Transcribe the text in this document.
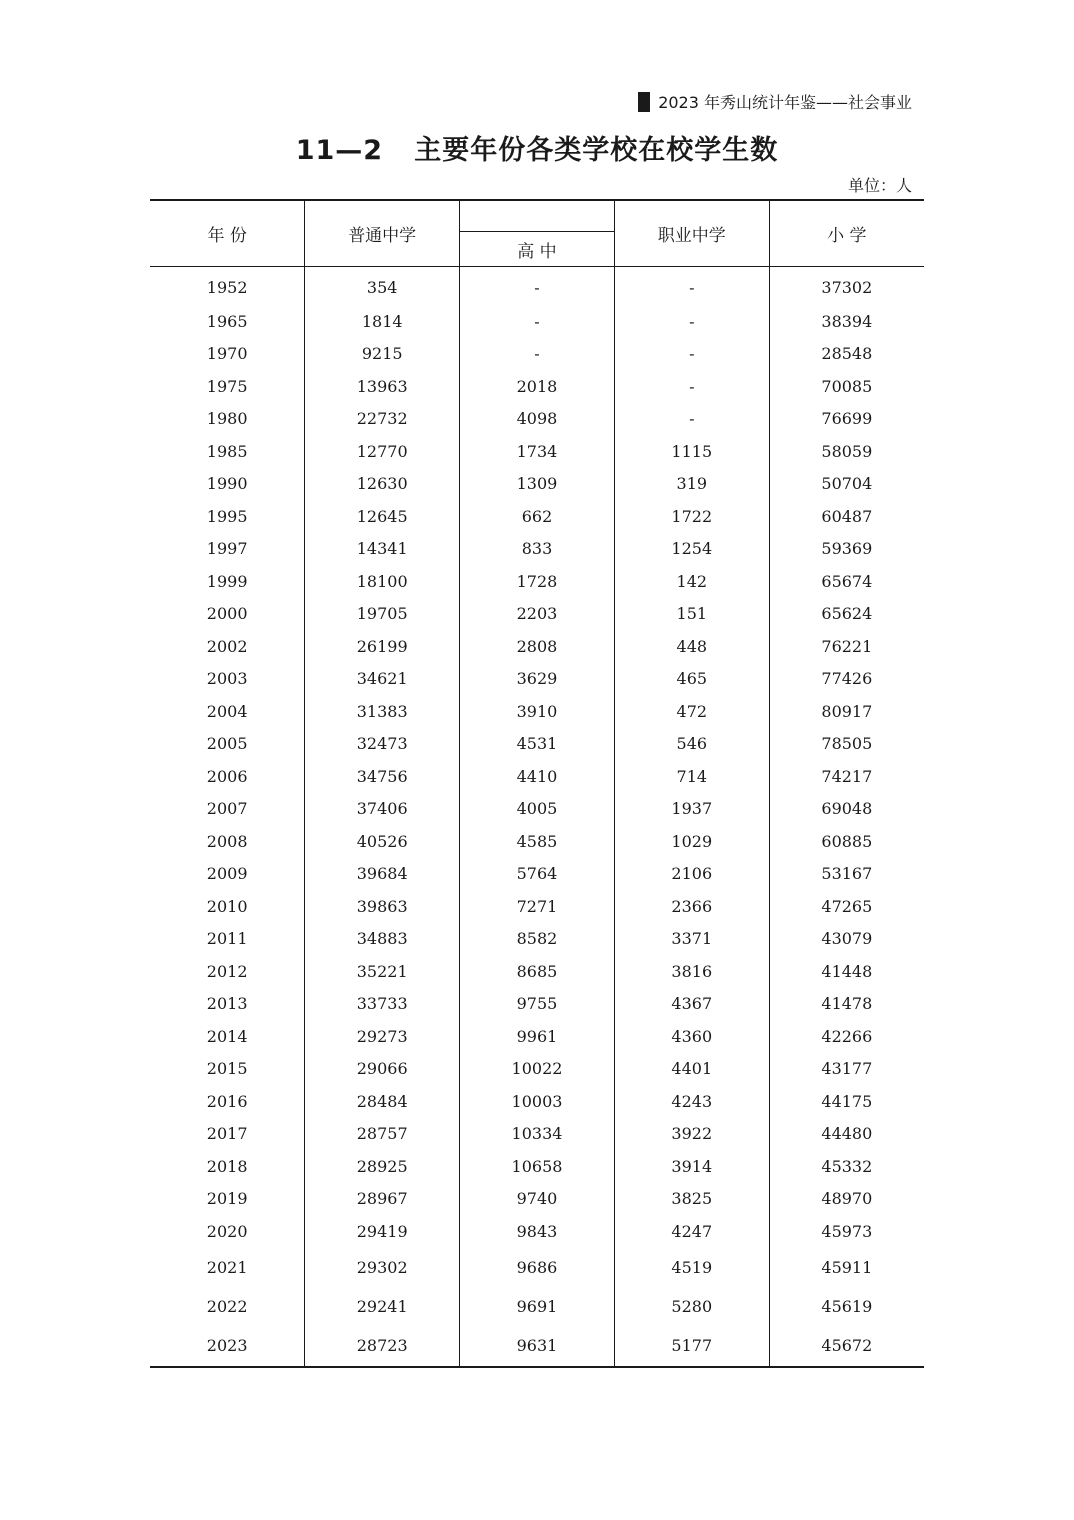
2023 年秀山统计年鉴——社会事业
11—2   主要年份各类学校在校学生数
单位：人
年 份	普通中学		职业中学	小 学
		高 中		
1952	354	-	-	37302
1965	1814	-	-	38394
1970	9215	-	-	28548
1975	13963	2018	-	70085
1980	22732	4098	-	76699
1985	12770	1734	1115	58059
1990	12630	1309	319	50704
1995	12645	662	1722	60487
1997	14341	833	1254	59369
1999	18100	1728	142	65674
2000	19705	2203	151	65624
2002	26199	2808	448	76221
2003	34621	3629	465	77426
2004	31383	3910	472	80917
2005	32473	4531	546	78505
2006	34756	4410	714	74217
2007	37406	4005	1937	69048
2008	40526	4585	1029	60885
2009	39684	5764	2106	53167
2010	39863	7271	2366	47265
2011	34883	8582	3371	43079
2012	35221	8685	3816	41448
2013	33733	9755	4367	41478
2014	29273	9961	4360	42266
2015	29066	10022	4401	43177
2016	28484	10003	4243	44175
2017	28757	10334	3922	44480
2018	28925	10658	3914	45332
2019	28967	9740	3825	48970
2020	29419	9843	4247	45973
2021	29302	9686	4519	45911
2022	29241	9691	5280	45619
2023	28723	9631	5177	45672
